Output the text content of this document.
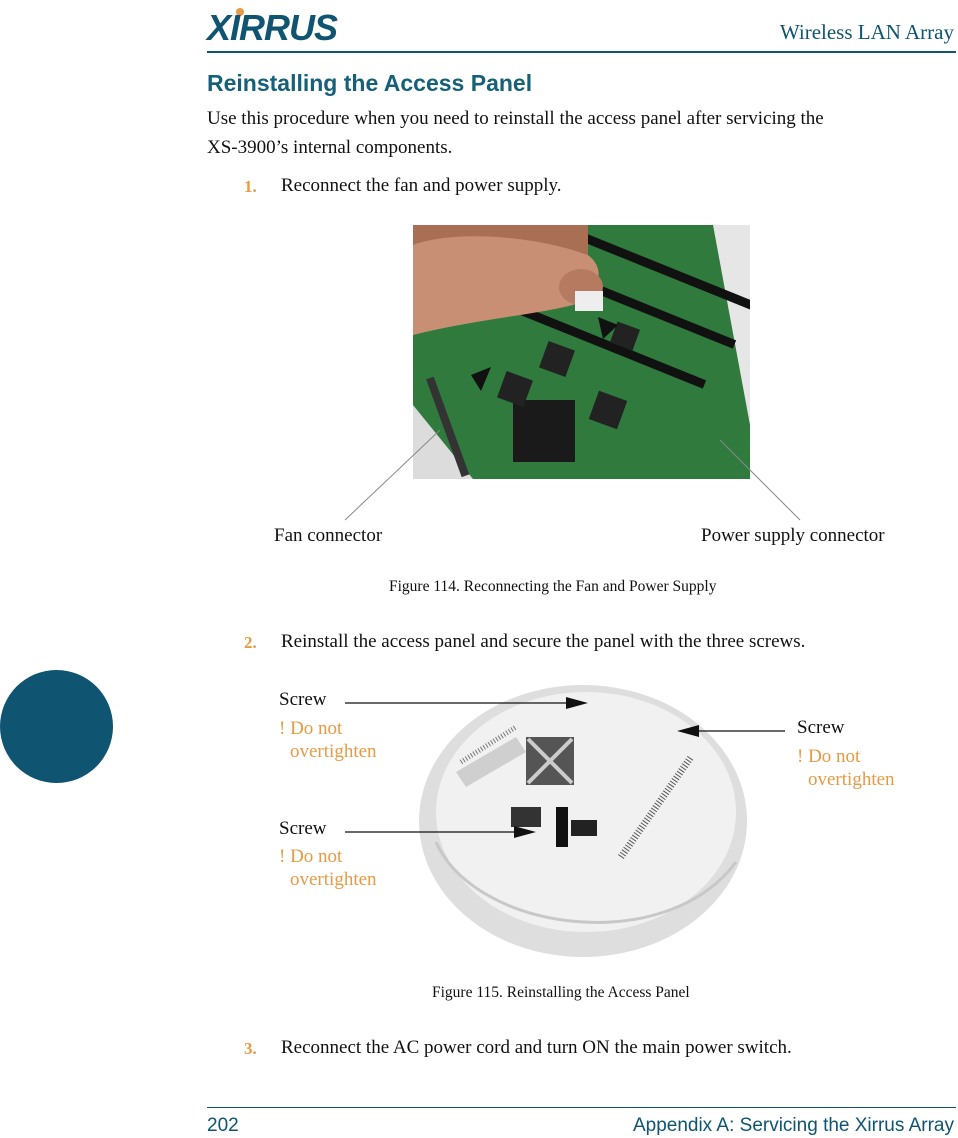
XIRRUS	Wireless LAN Array
Reinstalling the Access Panel
Use this procedure when you need to reinstall the access panel after servicing the
XS-3900’s internal components.
1. Reconnect the fan and power supply.
Fan connector	Power supply connector
Figure 114. Reconnecting the Fan and Power Supply
2. Reinstall the access panel and secure the panel with the three screws.
Screw
! Do not
overtighten
Screw
! Do not
overtighten
Screw
! Do not
overtighten
Figure 115. Reinstalling the Access Panel
3. Reconnect the AC power cord and turn ON the main power switch.
202	Appendix A: Servicing the Xirrus Array
